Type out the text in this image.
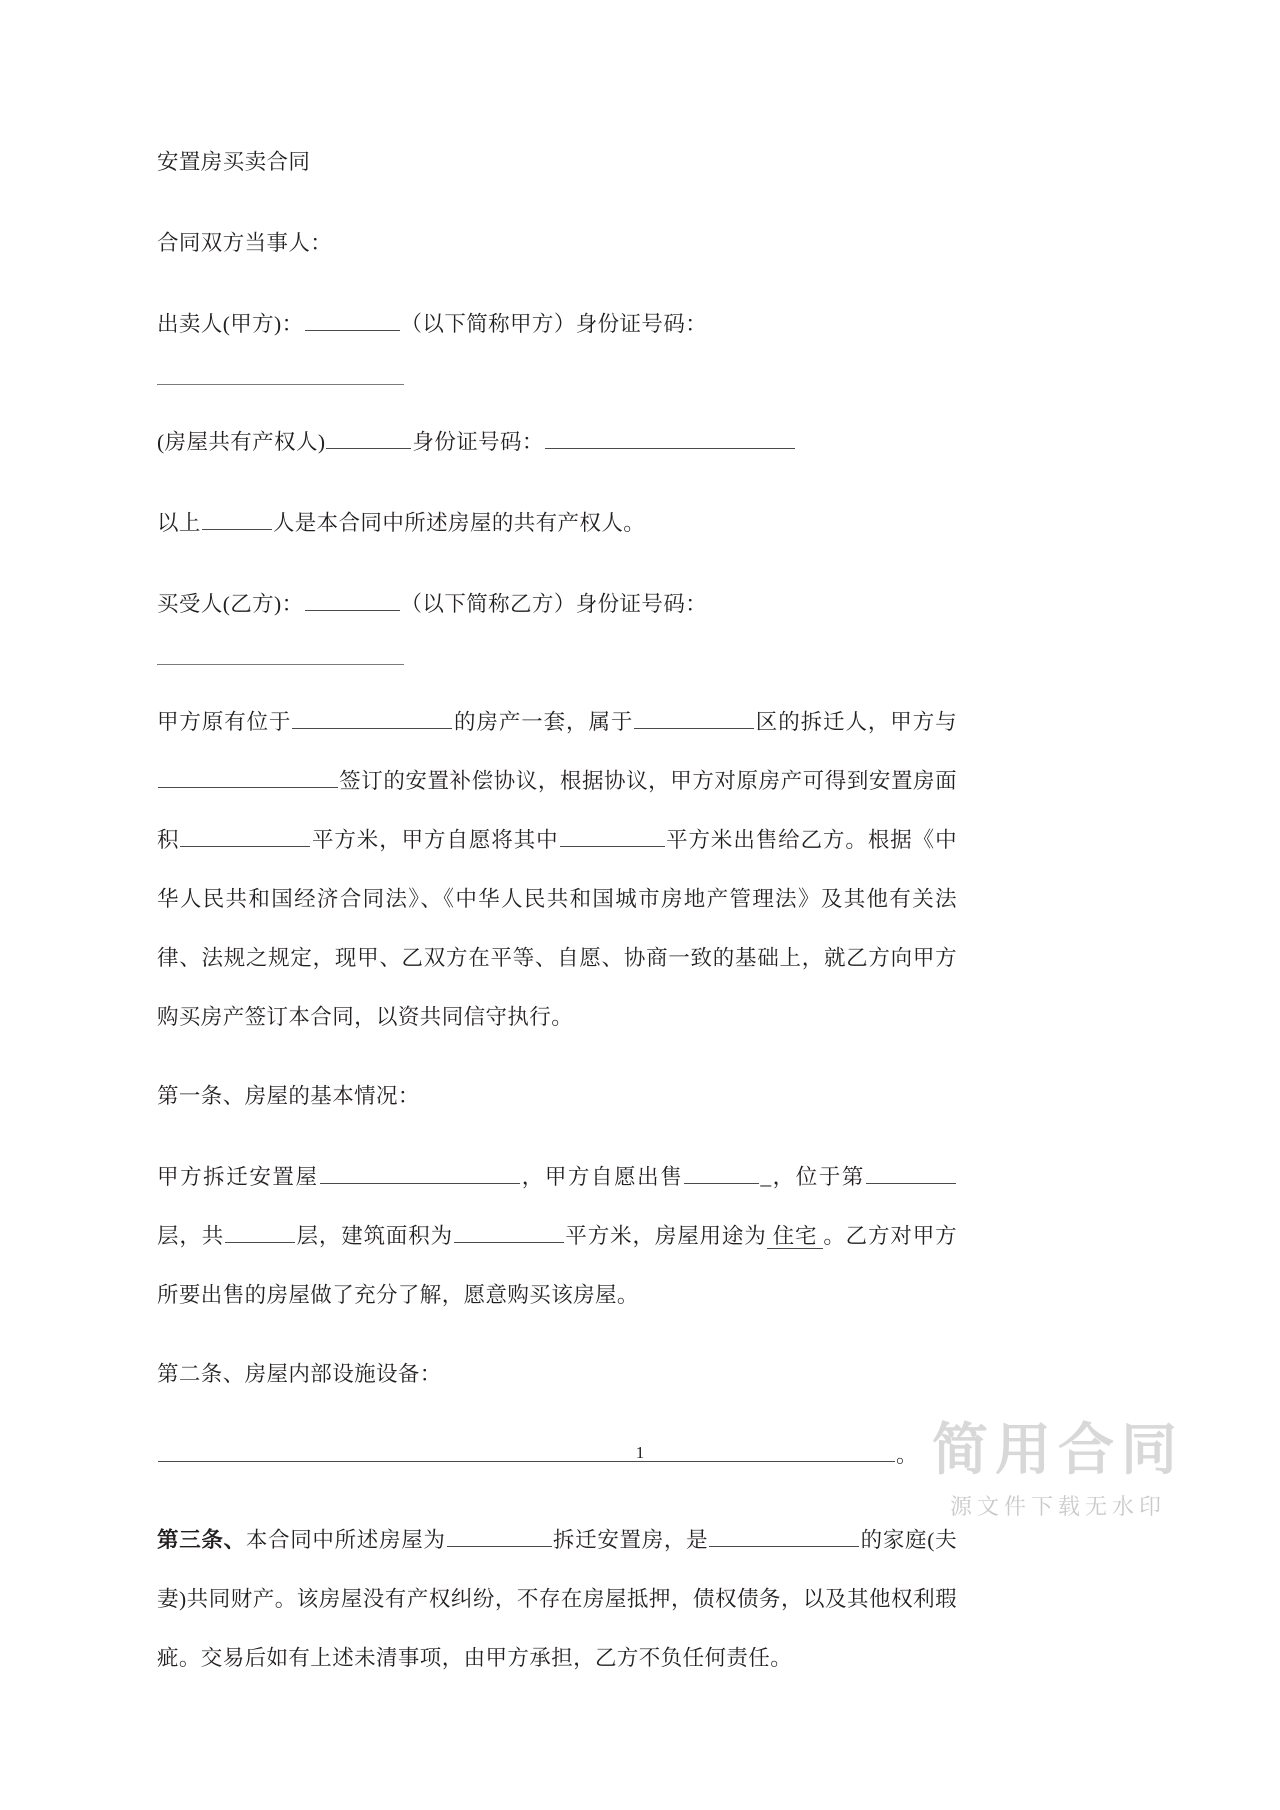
安置房买卖合同

合同双方当事人：

出卖人(甲方)：	（以下简称甲方）身份证号码：

(房屋共有产权人)	身份证号码：

以上	人是本合同中所述房屋的共有产权人。

买受人(乙方)：	（以下简称乙方）身份证号码：

甲方原有位于	的房产一套，属于	区的拆迁人，甲方与签订的安置补偿协议，根据协议，甲方对原房产可得到安置房面积	平方米，甲方自愿将其中	平方米出售给乙方。根据《中华人民共和国经济合同法》、《中华人民共和国城市房地产管理法》及其他有关法律、法规之规定，现甲、乙双方在平等、自愿、协商一致的基础上，就乙方向甲方购买房产签订本合同，以资共同信守执行。

第一条、房屋的基本情况：

甲方拆迁安置屋	，甲方自愿出售	_，位于第层，共	层，建筑面积为	平方米，房屋用途为 住宅 。乙方对甲方所要出售的房屋做了充分了解，愿意购买该房屋。

第二条、房屋内部设施设备：

。

第三条、本合同中所述房屋为	拆迁安置房，是	的家庭(夫妻)共同财产。该房屋没有产权纠纷，不存在房屋抵押，债权债务，以及其他权利瑕疵。交易后如有上述未清事项，由甲方承担，乙方不负任何责任。

简用合同
源文件下载无水印
1
